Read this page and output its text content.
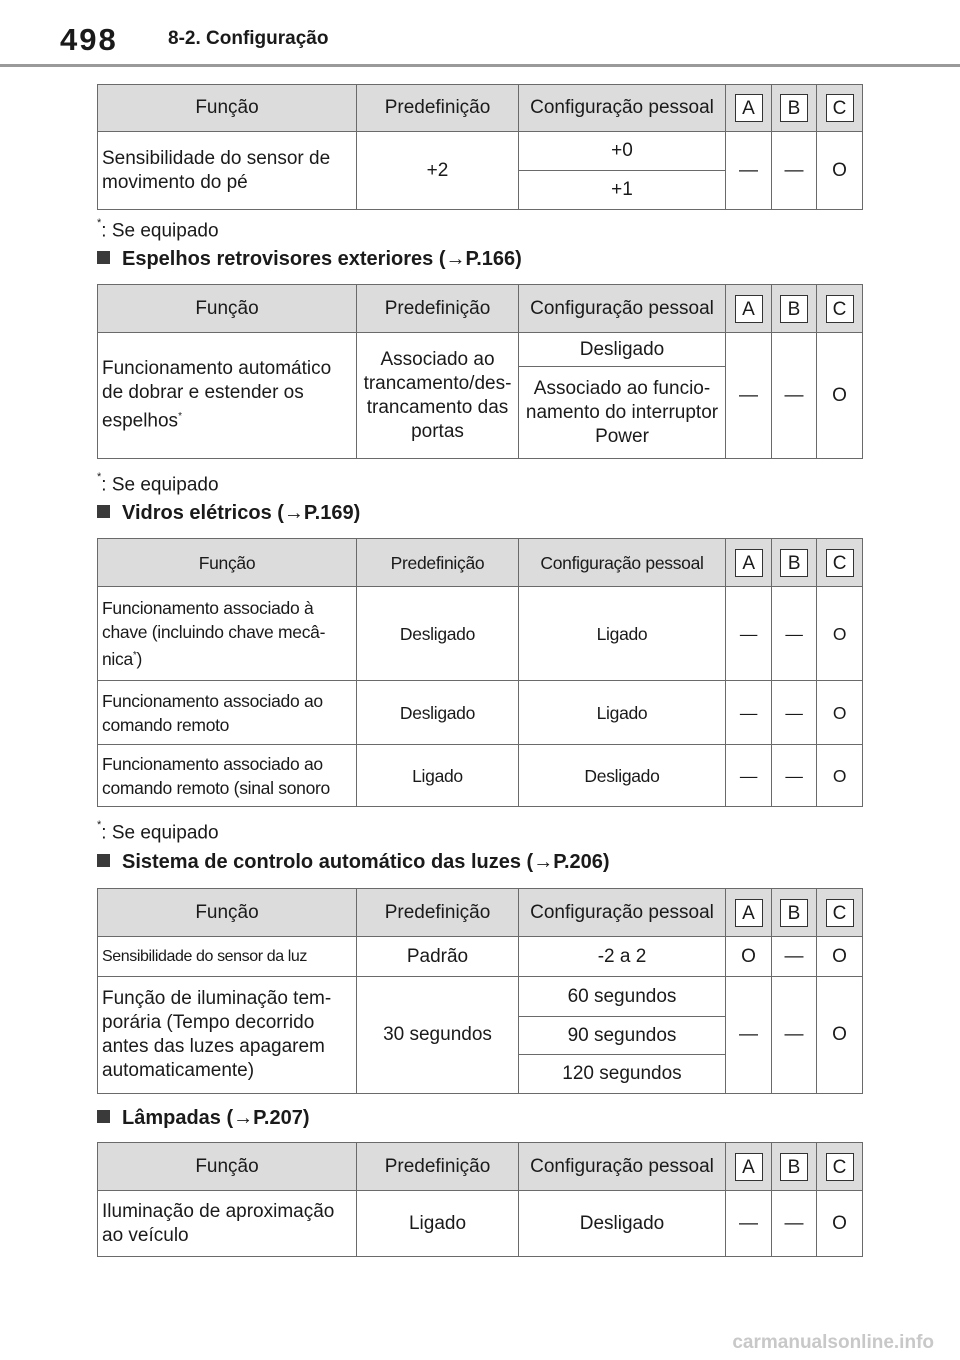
498	8-2. Configuração
Função	Predefinição	Configuração pessoal	A	B	C
Sensibilidade do sensor de movimento do pé	+2	+0	—	—	O
		+1			
*: Se equipado
Espelhos retrovisores exteriores (→P.166)
Função	Predefinição	Configuração pessoal	A	B	C
Funcionamento automático de dobrar e estender os espelhos*	Associado ao trancamento/des-trancamento das portas	Desligado	—	—	O
		Associado ao funcio-namento do interruptor Power			
*: Se equipado
Vidros elétricos (→P.169)
Função	Predefinição	Configuração pessoal	A	B	C
Funcionamento associado à chave (incluindo chave mecâ-nica*)	Desligado	Ligado	—	—	O
Funcionamento associado ao comando remoto	Desligado	Ligado	—	—	O
Funcionamento associado ao comando remoto (sinal sonoro	Ligado	Desligado	—	—	O
*: Se equipado
Sistema de controlo automático das luzes (→P.206)
Função	Predefinição	Configuração pessoal	A	B	C
Sensibilidade do sensor da luz	Padrão	-2 a 2	O	—	O
Função de iluminação tem-porária (Tempo decorrido antes das luzes apagarem automaticamente)	30 segundos	60 segundos	—	—	O
		90 segundos			
		120 segundos			
Lâmpadas (→P.207)
Função	Predefinição	Configuração pessoal	A	B	C
Iluminação de aproximação ao veículo	Ligado	Desligado	—	—	O
carmanualsonline.info
